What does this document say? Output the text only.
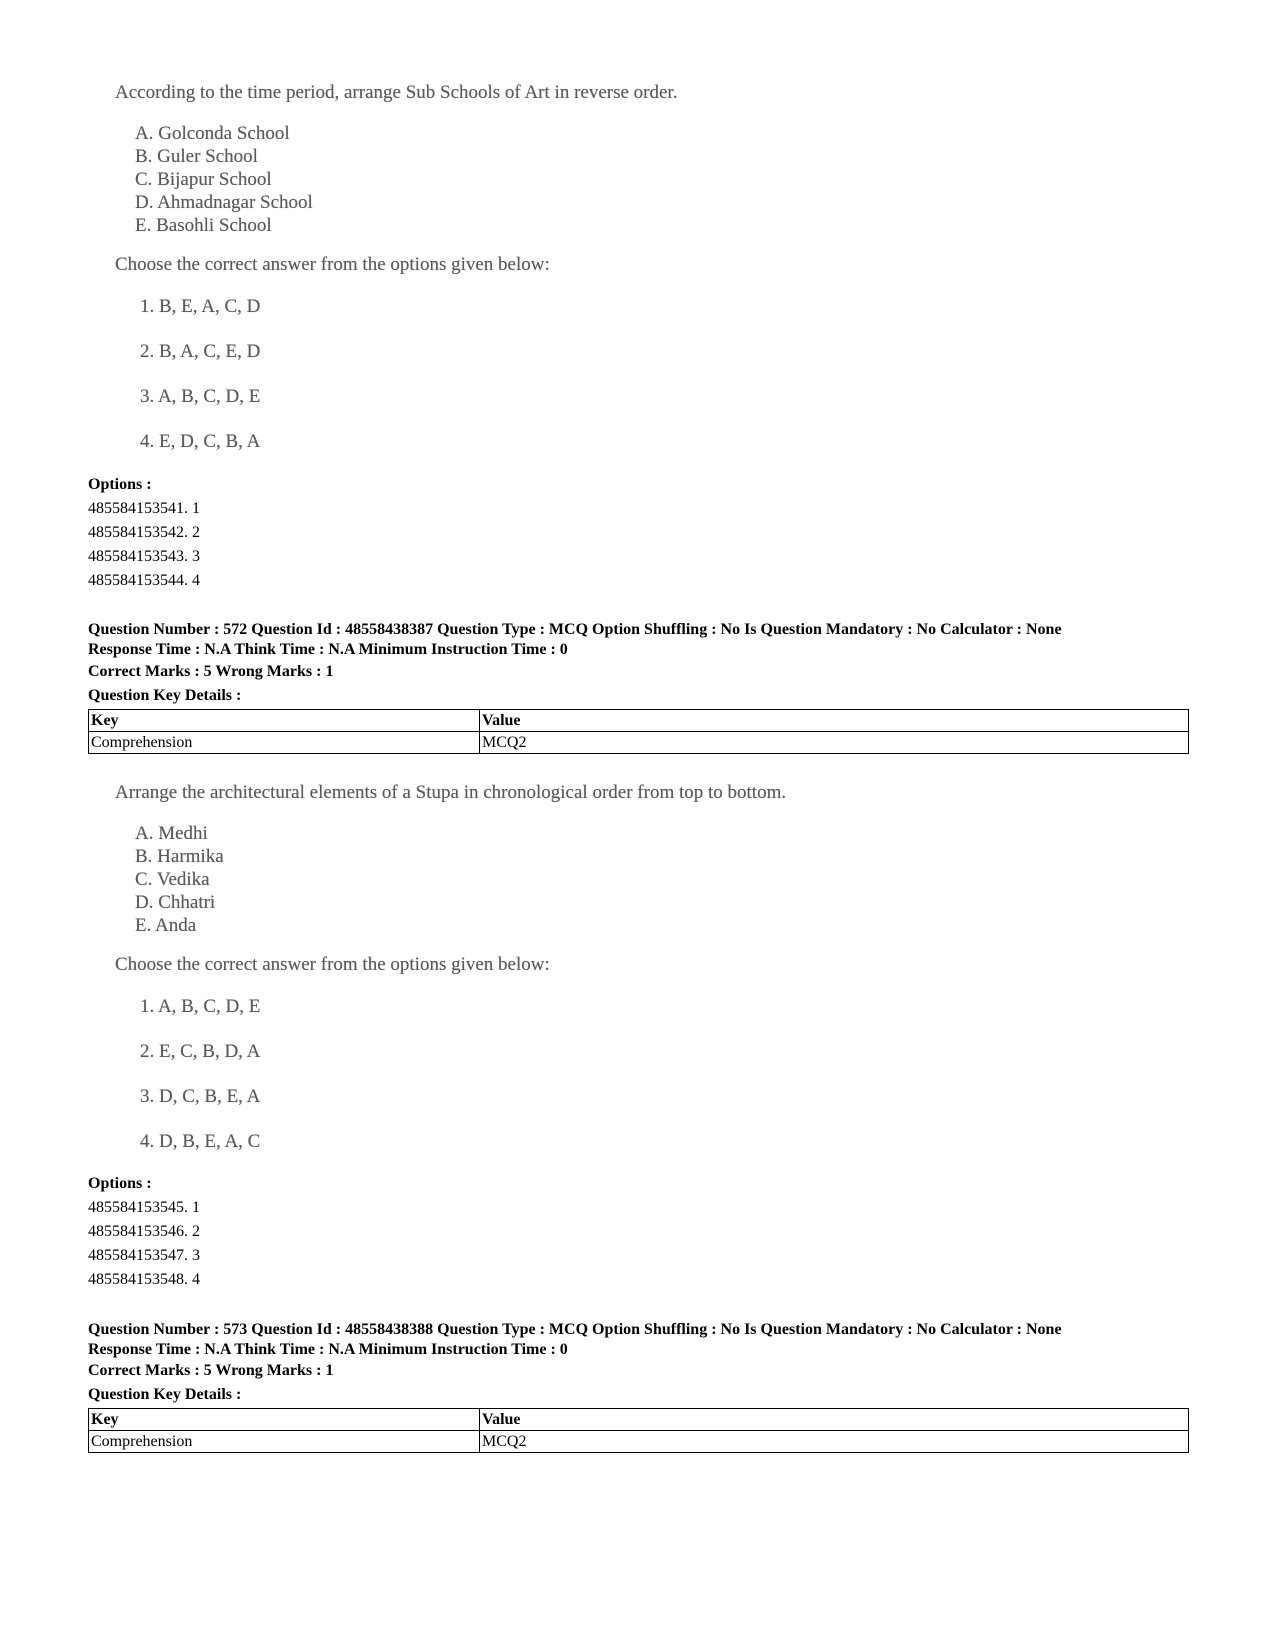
According to the time period, arrange Sub Schools of Art in reverse order.
A. Golconda School
B. Guler School
C. Bijapur School
D. Ahmadnagar School
E. Basohli School
Choose the correct answer from the options given below:
1. B, E, A, C, D
2. B, A, C, E, D
3. A, B, C, D, E
4. E, D, C, B, A
Options :
485584153541. 1
485584153542. 2
485584153543. 3
485584153544. 4
Question Number : 572 Question Id : 48558438387 Question Type : MCQ Option Shuffling : No Is Question Mandatory : No Calculator : None
Response Time : N.A Think Time : N.A Minimum Instruction Time : 0
Correct Marks : 5 Wrong Marks : 1
Question Key Details :
Key	Value
Comprehension	MCQ2
Arrange the architectural elements of a Stupa in chronological order from top to bottom.
A. Medhi
B. Harmika
C. Vedika
D. Chhatri
E. Anda
Choose the correct answer from the options given below:
1. A, B, C, D, E
2. E, C, B, D, A
3. D, C, B, E, A
4. D, B, E, A, C
Options :
485584153545. 1
485584153546. 2
485584153547. 3
485584153548. 4
Question Number : 573 Question Id : 48558438388 Question Type : MCQ Option Shuffling : No Is Question Mandatory : No Calculator : None
Response Time : N.A Think Time : N.A Minimum Instruction Time : 0
Correct Marks : 5 Wrong Marks : 1
Question Key Details :
Key	Value
Comprehension	MCQ2
